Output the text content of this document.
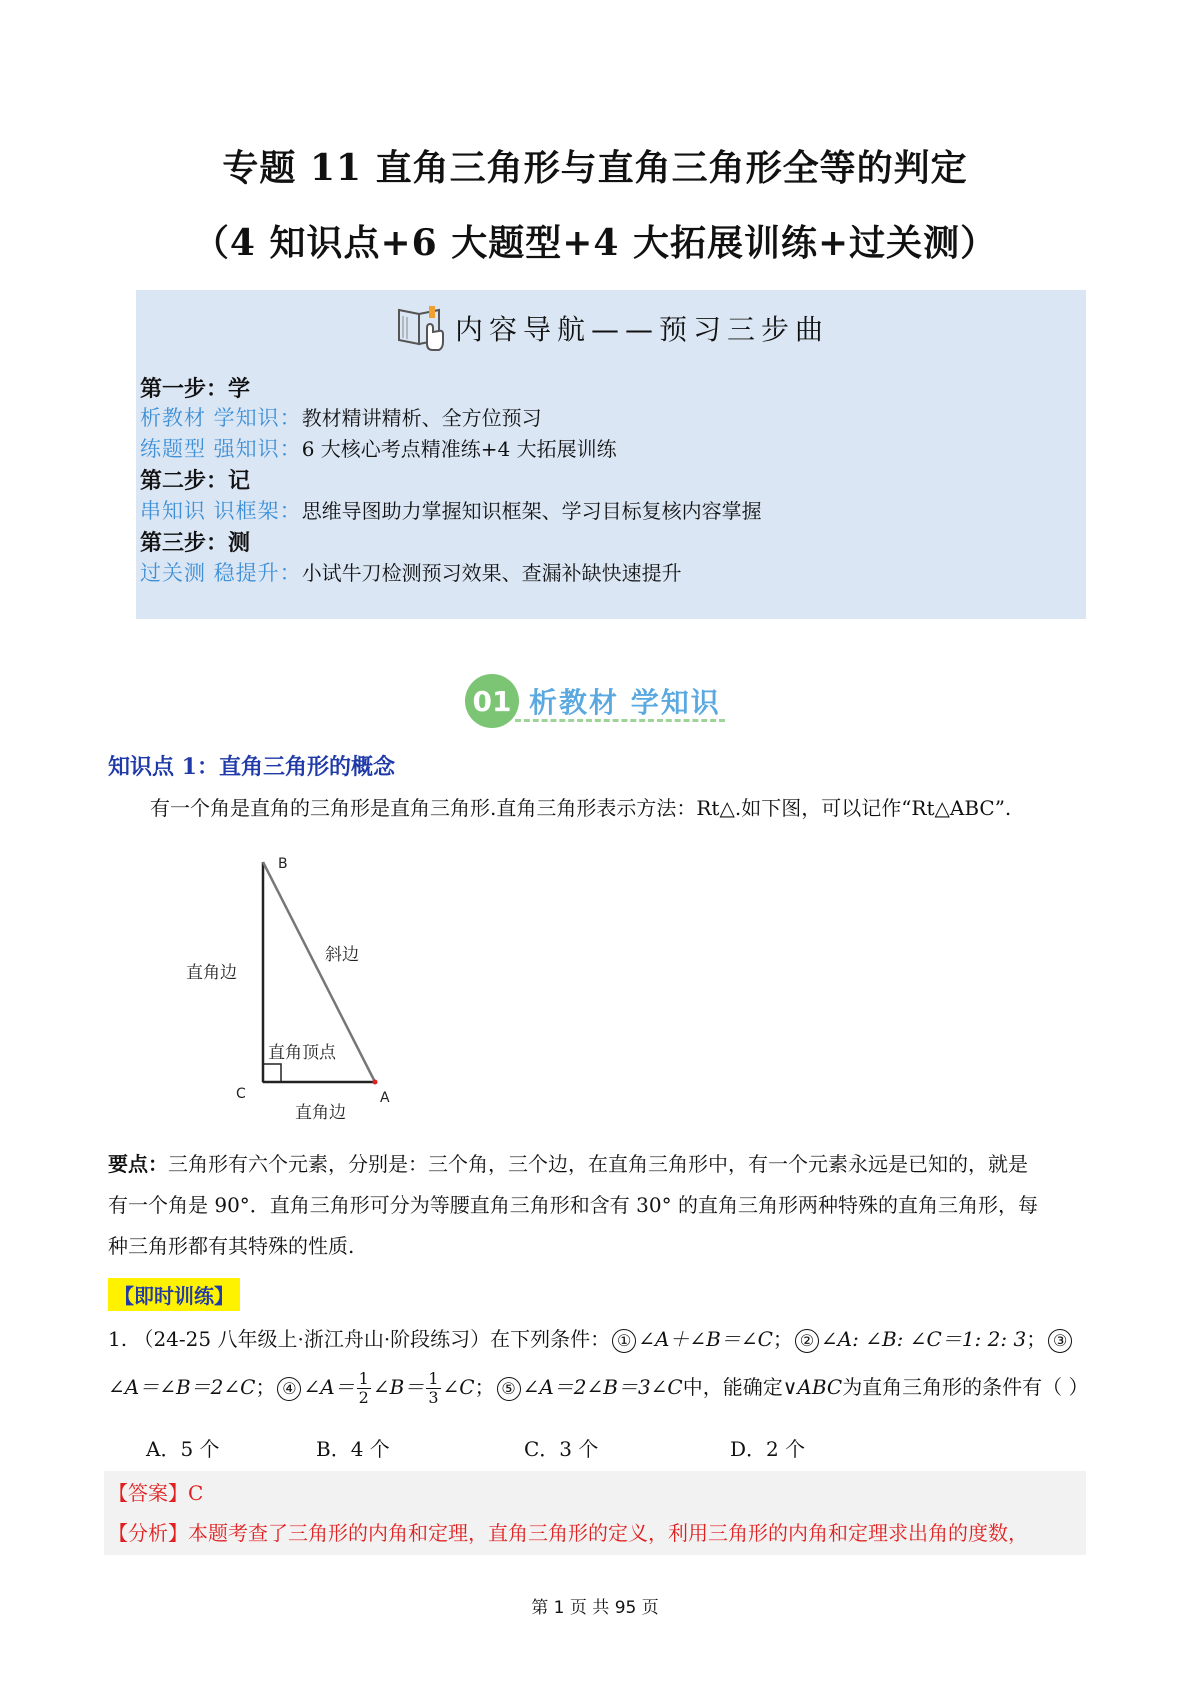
专题 11 直角三角形与直角三角形全等的判定
（4 知识点+6 大题型+4 大拓展训练+过关测）
内容导航——预习三步曲
第一步：学
析教材 学知识：教材精讲精析、全方位预习
练题型 强知识：6 大核心考点精准练+4 大拓展训练
第二步：记
串知识 识框架：思维导图助力掌握知识框架、学习目标复核内容掌握
第三步：测
过关测 稳提升：小试牛刀检测预习效果、查漏补缺快速提升
01 析教材 学知识
知识点 1：直角三角形的概念
有一个角是直角的三角形是直角三角形.直角三角形表示方法：Rt△.如下图，可以记作“Rt△ABC”.
B
C	A
直角边
斜边
直角顶点
直角边
要点：三角形有六个元素，分别是：三个角，三个边，在直角三角形中，有一个元素永远是已知的，就是
有一个角是 90°．直角三角形可分为等腰直角三角形和含有 30° 的直角三角形两种特殊的直角三角形，每
种三角形都有其特殊的性质.
【即时训练】
1. （24-25 八年级上·浙江舟山·阶段练习）在下列条件： ① ∠A＋∠B＝∠C； ② ∠A: ∠B: ∠C＝1: 2: 3； ③
∠A＝∠B＝2∠C； ④ ∠A＝ $\frac{1}{2}$ ∠B＝ $\frac{1}{3}$ ∠C； ⑤ ∠A＝2∠B＝3∠C中，能确定∨ABC为直角三角形的条件有（ ）
A．5 个	B．4 个	C．3 个	D．2 个
【答案】C
【分析】本题考查了三角形的内角和定理，直角三角形的定义，利用三角形的内角和定理求出角的度数，
第 1 页 共 95 页
